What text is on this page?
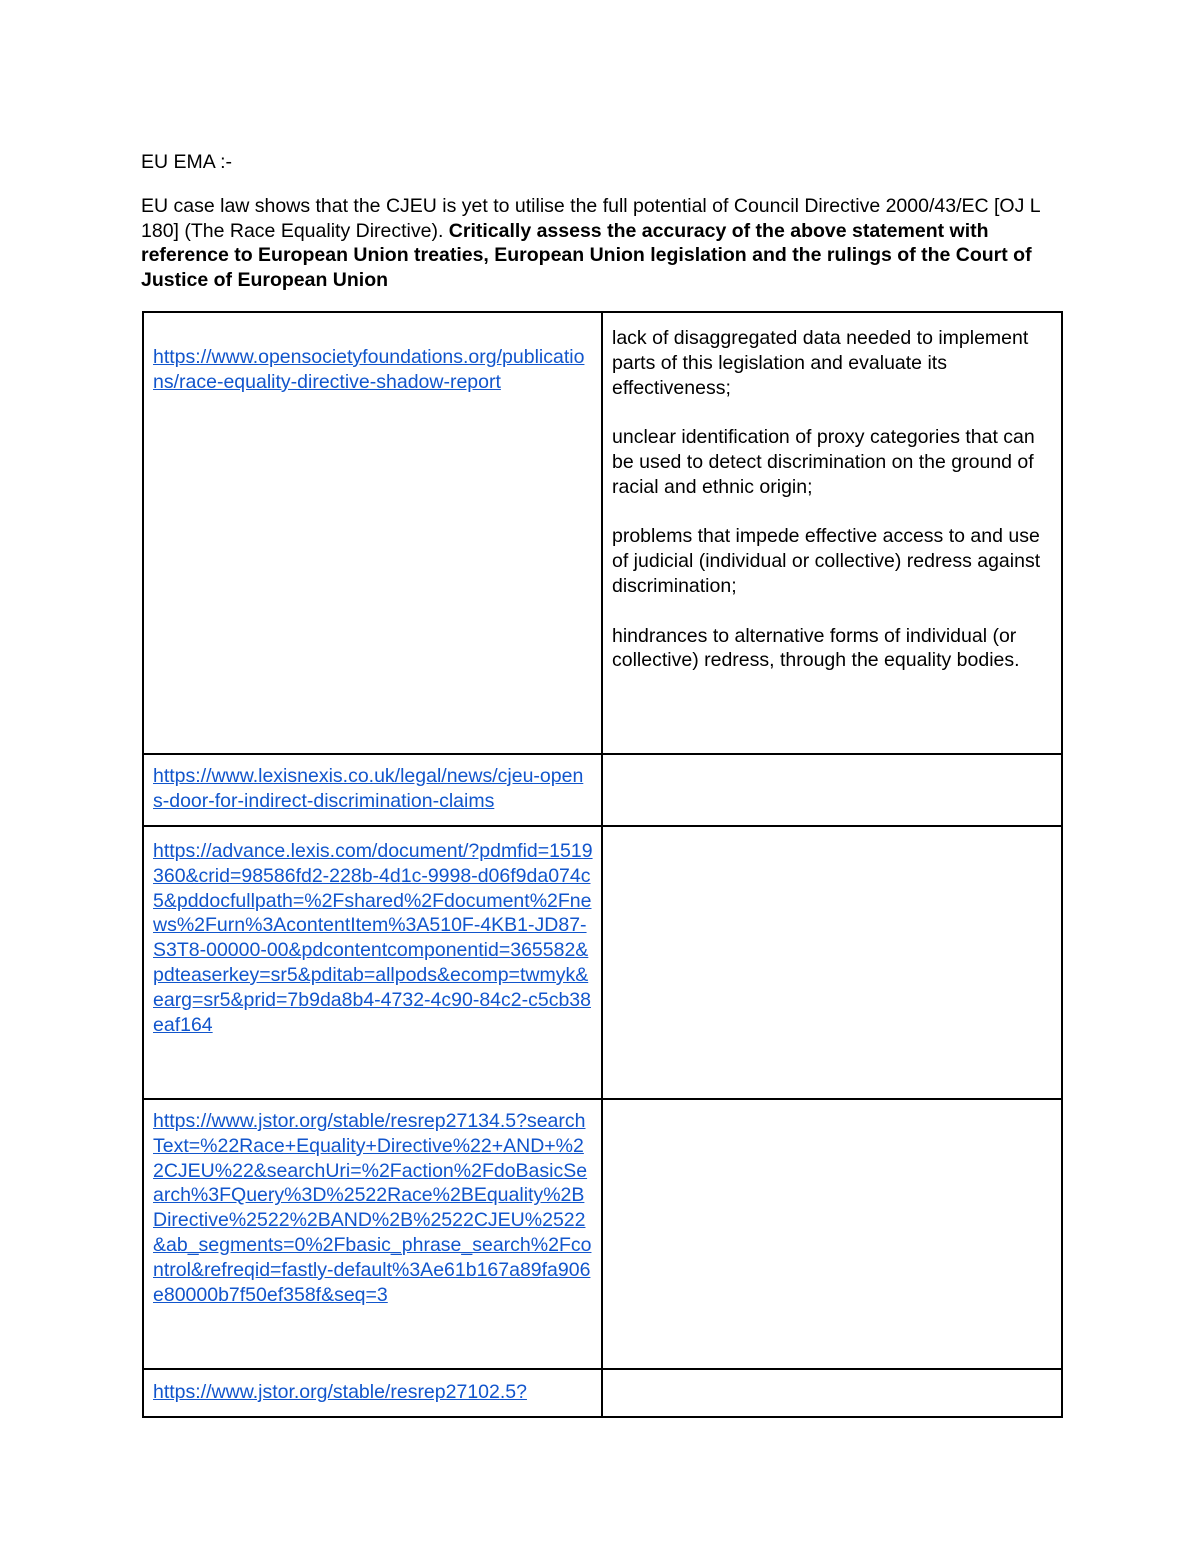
EU EMA :-

EU case law shows that the CJEU is yet to utilise the full potential of Council Directive 2000/43/EC [OJ L 180] (The Race Equality Directive). Critically assess the accuracy of the above statement with reference to European Union treaties, European Union legislation and the rulings of the Court of Justice of European Union

https://www.opensocietyfoundations.org/publications/race-equality-directive-shadow-report	lack of disaggregated data needed to implement parts of this legislation and evaluate its effectiveness;
unclear identification of proxy categories that can be used to detect discrimination on the ground of racial and ethnic origin;
problems that impede effective access to and use of judicial (individual or collective) redress against discrimination;
hindrances to alternative forms of individual (or collective) redress, through the equality bodies.

https://www.lexisnexis.co.uk/legal/news/cjeu-opens-door-for-indirect-discrimination-claims	
https://advance.lexis.com/document/?pdmfid=1519360&crid=98586fd2-228b-4d1c-9998-d06f9da074c5&pddocfullpath=%2Fshared%2Fdocument%2Fnews%2Furn%3AcontentItem%3A510F-4KB1-JD87-S3T8-00000-00&pdcontentcomponentid=365582&pdteaserkey=sr5&pditab=allpods&ecomp=twmyk&earg=sr5&prid=7b9da8b4-4732-4c90-84c2-c5cb38eaf164	
https://www.jstor.org/stable/resrep27134.5?searchText=%22Race+Equality+Directive%22+AND+%22CJEU%22&searchUri=%2Faction%2FdoBasicSearch%3FQuery%3D%2522Race%2BEquality%2BDirective%2522%2BAND%2B%2522CJEU%2522&ab_segments=0%2Fbasic_phrase_search%2Fcontrol&refreqid=fastly-default%3Ae61b167a89fa906e80000b7f50ef358f&seq=3	
https://www.jstor.org/stable/resrep27102.5?	
